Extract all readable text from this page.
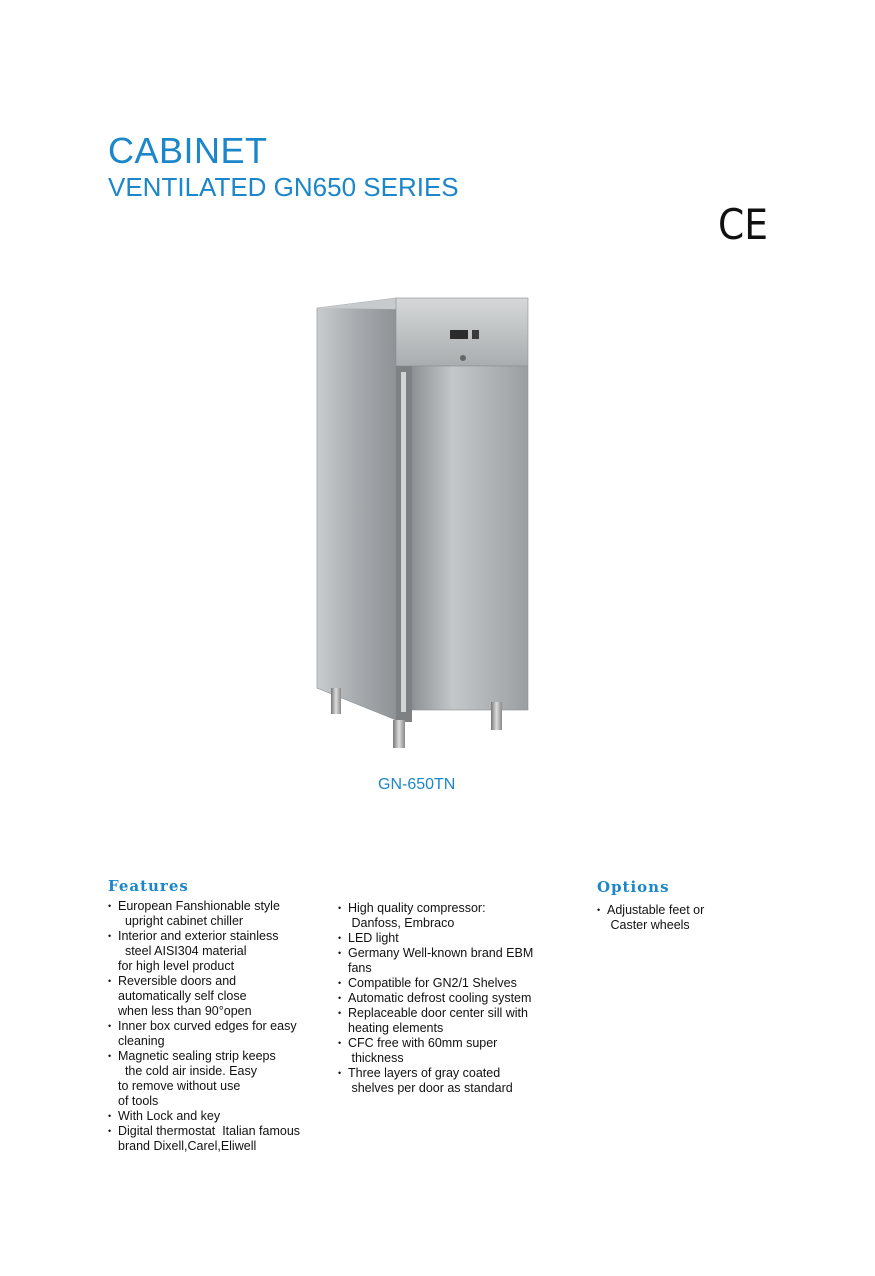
CABINET
VENTILATED GN650 SERIES
CE
GN-650TN
Features	Options
• European Fanshionable style
upright cabinet chiller
• Interior and exterior stainless
steel AISI304 material
for high level product
• Reversible doors and
automatically self close
when less than 90°open
• Inner box curved edges for easy
cleaning
• Magnetic sealing strip keeps
the cold air inside. Easy
to remove without use
of tools
• With Lock and key
• Digital thermostat  Italian famous
brand Dixell,Carel,Eliwell
• High quality compressor:
Danfoss, Embraco
• LED light
• Germany Well-known brand EBM
fans
• Compatible for GN2/1 Shelves
• Automatic defrost cooling system
• Replaceable door center sill with
heating elements
• CFC free with 60mm super
thickness
• Three layers of gray coated
shelves per door as standard
• Adjustable feet or
Caster wheels
